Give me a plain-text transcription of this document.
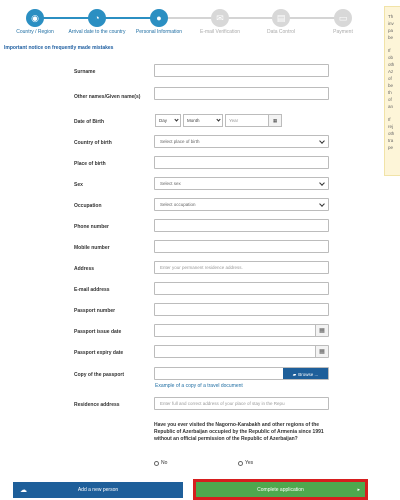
◉
Country / Region
◔
Arrival date to the country
●
Personal Information
✉
E-mail Verification
▤
Data Control
▭
Payment
Important notice on frequently made mistakes

Th

inv

pa

be

If

ob

oth

Az

of

be

th

of

an

If

rej

oth

tra

pe

Surname
Other names/Given name(s)
Date of Birth	Day	Month	Year	▦
Country of birth	Select place of birth
Place of birth
Sex	Select sex
Occupation	Select occupation
Phone number
Mobile number
Address	Enter your permanent residence address.
E-mail address
Passport number
Passport issue date	▦
Passport expiry date	▦
Copy of the passport	▰ Browse ...
Example of a copy of a travel document
Residence address	Enter full and correct address of your place of stay in the Repu
Have you ever visited the Nagorno-Karabakh and other regions of the Republic of Azerbaijan occupied by the Republic of Armenia since 1991 without an official permission of the Republic of Azerbaijan?
No	Yes
☁	Add a new person	Complete application	▸
